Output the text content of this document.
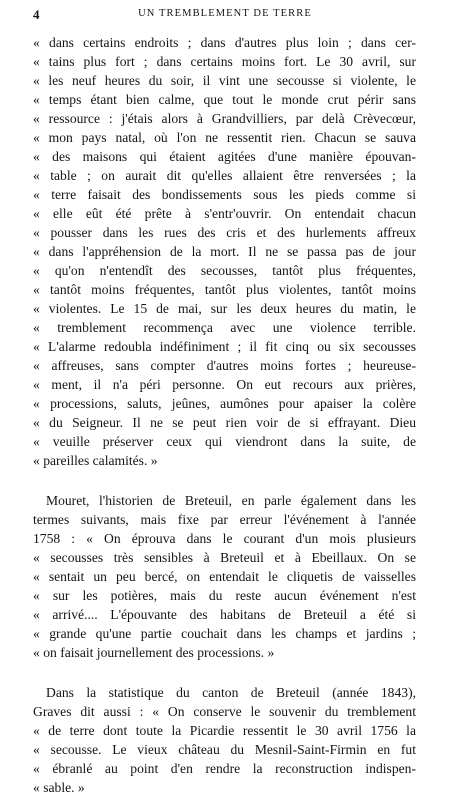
4	UN TREMBLEMENT DE TERRE
« dans certains endroits ; dans d'autres plus loin ; dans cer-
« tains plus fort ; dans certains moins fort. Le 30 avril, sur
« les neuf heures du soir, il vint une secousse si violente, le
« temps étant bien calme, que tout le monde crut périr sans
« ressource : j'étais alors à Grandvilliers, par delà Crèvecœur,
« mon pays natal, où l'on ne ressentit rien. Chacun se sauva
« des maisons qui étaient agitées d'une manière épouvan-
« table ; on aurait dit qu'elles allaient être renversées ; la
« terre faisait des bondissements sous les pieds comme si
« elle eût été prête à s'entr'ouvrir. On entendait chacun
« pousser dans les rues des cris et des hurlements affreux
« dans l'appréhension de la mort. Il ne se passa pas de jour
« qu'on n'entendît des secousses, tantôt plus fréquentes,
« tantôt moins fréquentes, tantôt plus violentes, tantôt moins
« violentes. Le 15 de mai, sur les deux heures du matin, le
« tremblement recommença avec une violence terrible.
« L'alarme redoubla indéfiniment ; il fit cinq ou six secousses
« affreuses, sans compter d'autres moins fortes ; heureuse-
« ment, il n'a péri personne. On eut recours aux prières,
« processions, saluts, jeûnes, aumônes pour apaiser la colère
« du Seigneur. Il ne se peut rien voir de si effrayant. Dieu
« veuille préserver ceux qui viendront dans la suite, de
« pareilles calamités. »
Mouret, l'historien de Breteuil, en parle également dans les
termes suivants, mais fixe par erreur l'événement à l'année
1758 : « On éprouva dans le courant d'un mois plusieurs
« secousses très sensibles à Breteuil et à Ebeillaux. On se
« sentait un peu bercé, on entendait le cliquetis de vaisselles
« sur les potières, mais du reste aucun événement n'est
« arrivé.... L'épouvante des habitans de Breteuil a été si
« grande qu'une partie couchait dans les champs et jardins ;
« on faisait journellement des processions. »
Dans la statistique du canton de Breteuil (année 1843),
Graves dit aussi : « On conserve le souvenir du tremblement
« de terre dont toute la Picardie ressentit le 30 avril 1756 la
« secousse. Le vieux château du Mesnil-Saint-Firmin en fut
« ébranlé au point d'en rendre la reconstruction indispen-
« sable. »
